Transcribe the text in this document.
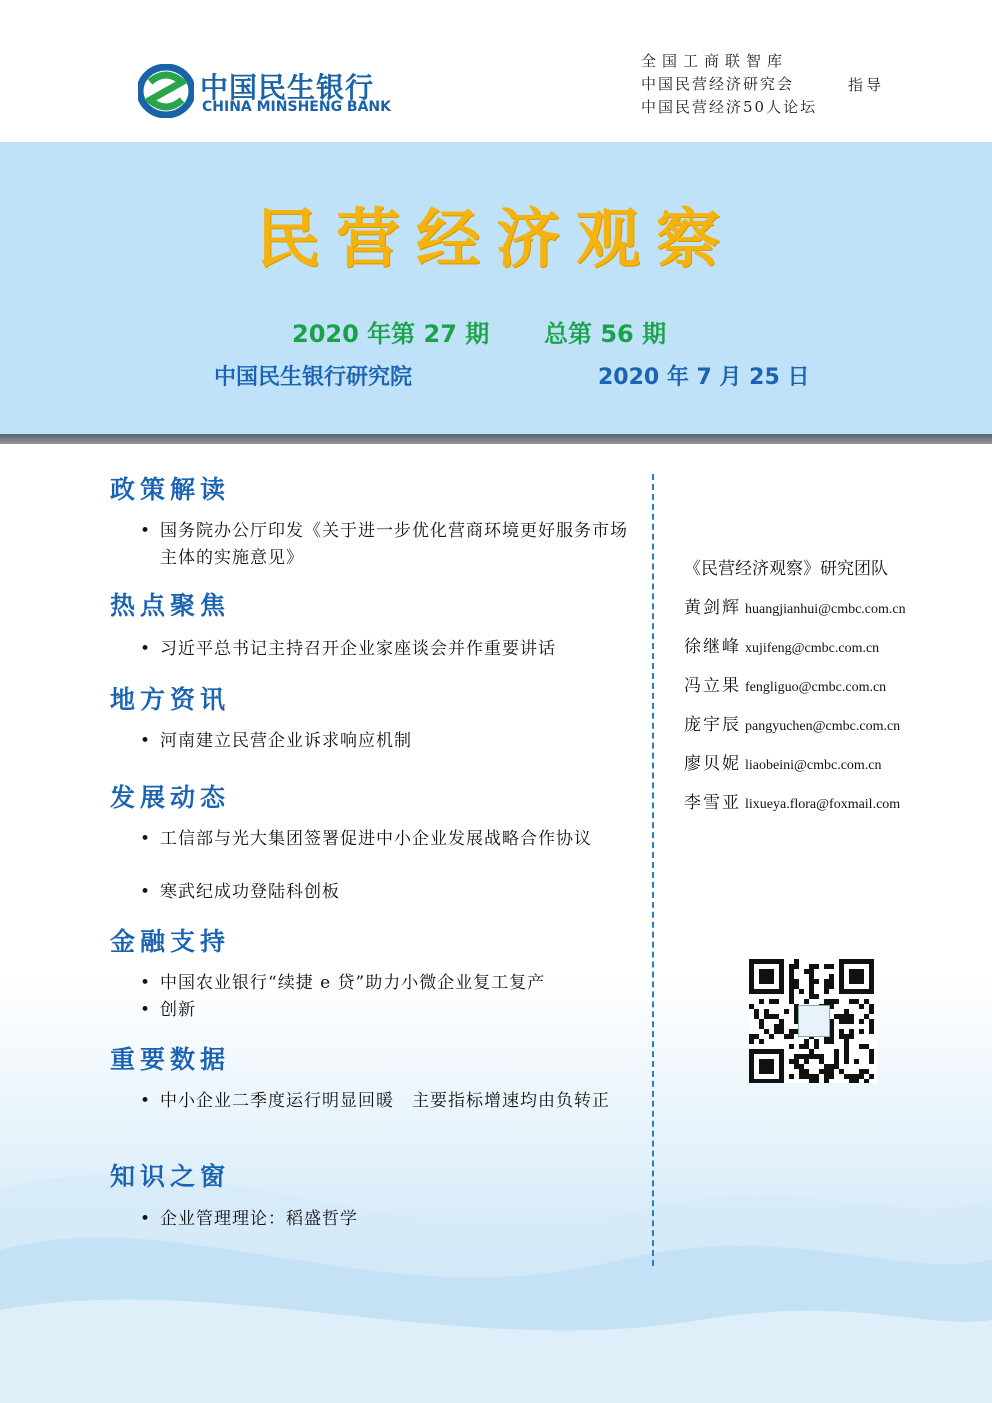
中国民生银行
CHINA MINSHENG BANK
全国工商联智库
中国民营经济研究会
中国民营经济50人论坛
指导
民营经济观察
2020 年第 27 期 总第 56 期
中国民生银行研究院	2020 年 7 月 25 日
政策解读
• 国务院办公厅印发《关于进一步优化营商环境更好服务市场主体的实施意见》
热点聚焦
• 习近平总书记主持召开企业家座谈会并作重要讲话
地方资讯
• 河南建立民营企业诉求响应机制
发展动态
• 工信部与光大集团签署促进中小企业发展战略合作协议
• 寒武纪成功登陆科创板
金融支持
• 中国农业银行“续捷 e 贷”助力小微企业复工复产
• 创新
重要数据
• 中小企业二季度运行明显回暖　主要指标增速均由负转正
知识之窗
• 企业管理理论：稻盛哲学
《民营经济观察》研究团队
黄剑辉 huangjianhui@cmbc.com.cn
徐继峰 xujifeng@cmbc.com.cn
冯立果 fengliguo@cmbc.com.cn
庞宇辰 pangyuchen@cmbc.com.cn
廖贝妮 liaobeini@cmbc.com.cn
李雪亚 lixueya.flora@foxmail.com
